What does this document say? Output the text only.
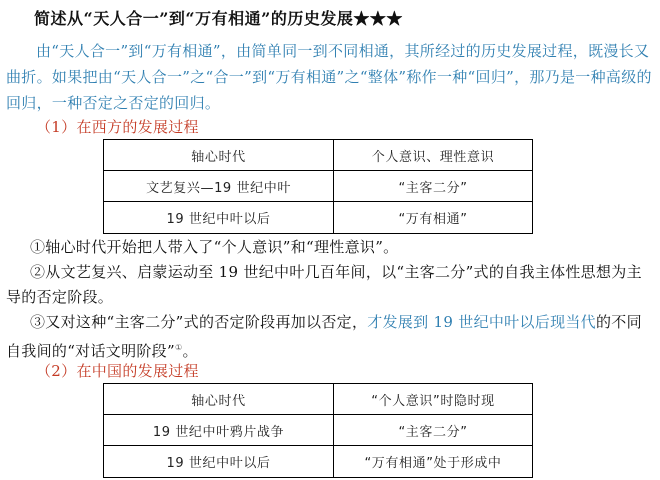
简述从“天人合一”到“万有相通”的历史发展★★★
由“天人合一”到“万有相通”，由简单同一到不同相通，其所经过的历史发展过程，既漫长又曲折。如果把由“天人合一”之“合一”到“万有相通”之“整体”称作一种“回归”，那乃是一种高级的回归，一种否定之否定的回归。
（1）在西方的发展过程
轴心时代	个人意识、理性意识
文艺复兴—19 世纪中叶	“主客二分”
19 世纪中叶以后	“万有相通”
①轴心时代开始把人带入了“个人意识”和“理性意识”。
②从文艺复兴、启蒙运动至 19 世纪中叶几百年间，以“主客二分”式的自我主体性思想为主导的否定阶段。
③又对这种“主客二分”式的否定阶段再加以否定，才发展到 19 世纪中叶以后现当代的不同自我间的“对话文明阶段”①。
（2）在中国的发展过程
轴心时代	“个人意识”时隐时现
19 世纪中叶鸦片战争	“主客二分”
19 世纪中叶以后	“万有相通”处于形成中
